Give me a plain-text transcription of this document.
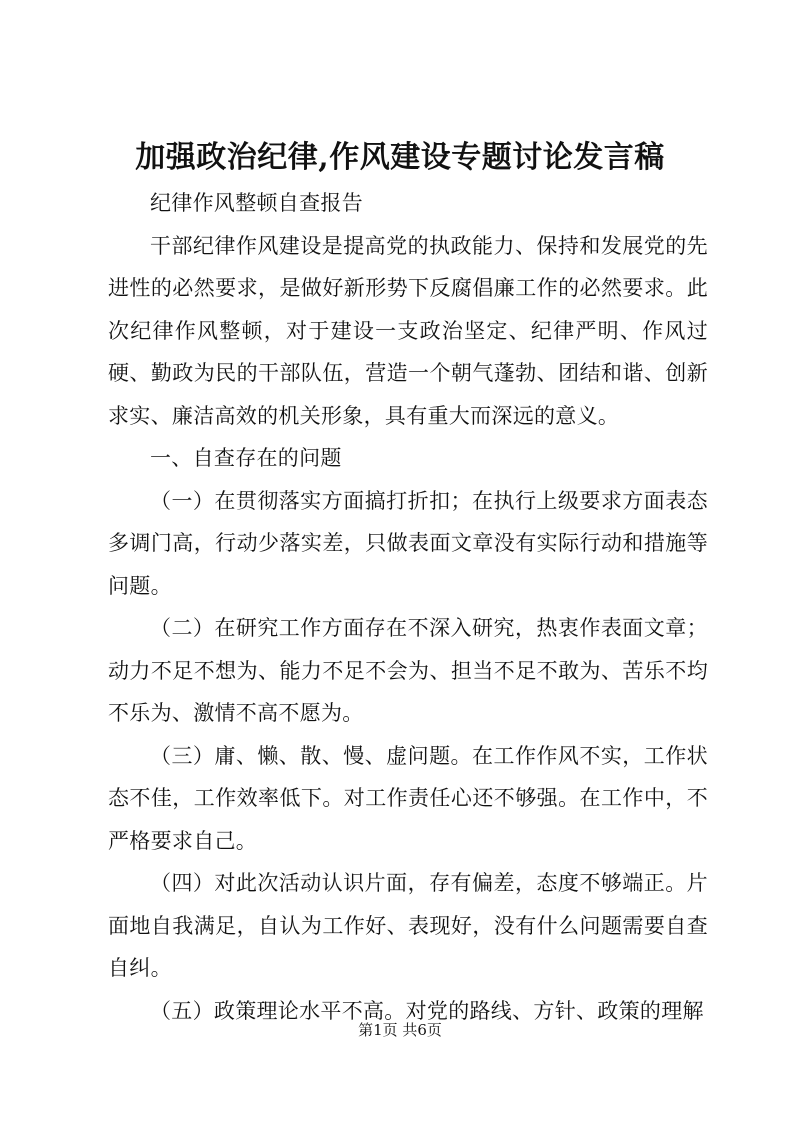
加强政治纪律,作风建设专题讨论发言稿

纪律作风整顿自查报告

干部纪律作风建设是提高党的执政能力、保持和发展党的先进性的必然要求，是做好新形势下反腐倡廉工作的必然要求。此次纪律作风整顿，对于建设一支政治坚定、纪律严明、作风过硬、勤政为民的干部队伍，营造一个朝气蓬勃、团结和谐、创新求实、廉洁高效的机关形象，具有重大而深远的意义。

一、自查存在的问题

（一）在贯彻落实方面搞打折扣；在执行上级要求方面表态多调门高，行动少落实差，只做表面文章没有实际行动和措施等问题。

（二）在研究工作方面存在不深入研究，热衷作表面文章；动力不足不想为、能力不足不会为、担当不足不敢为、苦乐不均不乐为、激情不高不愿为。

（三）庸、懒、散、慢、虚问题。在工作作风不实，工作状态不佳，工作效率低下。对工作责任心还不够强。在工作中，不严格要求自己。

（四）对此次活动认识片面，存有偏差，态度不够端正。片面地自我满足，自认为工作好、表现好，没有什么问题需要自查自纠。

（五）政策理论水平不高。对党的路线、方针、政策的理解

第1页 共6页
